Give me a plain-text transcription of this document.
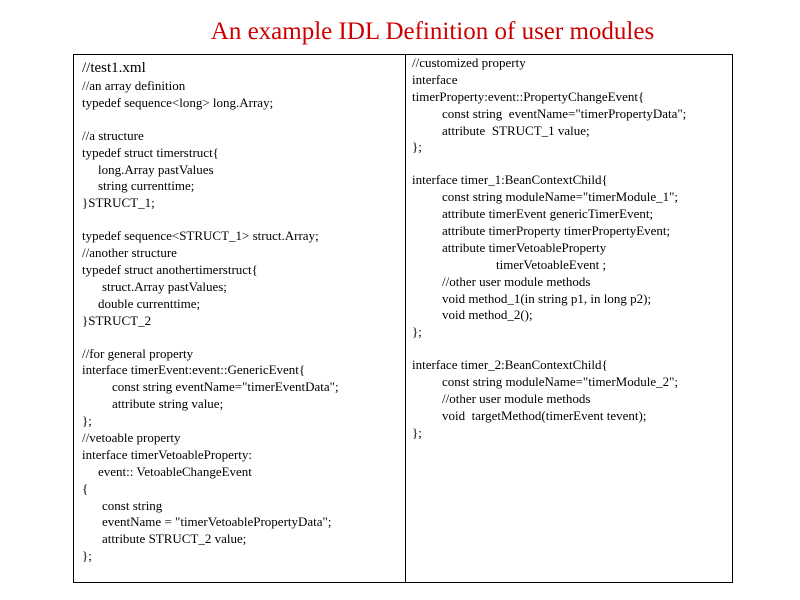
An example IDL Definition of user modules
//test1.xml
//an array definition
typedef sequence<long> long.Array;
//a structure
typedef struct timerstruct{
long.Array pastValues
string currenttime;
}STRUCT_1;
typedef sequence<STRUCT_1> struct.Array;
//another structure
typedef struct anothertimerstruct{
struct.Array pastValues;
double currenttime;
}STRUCT_2
//for general property
interface timerEvent:event::GenericEvent{
const string eventName="timerEventData";
attribute string value;
};
//vetoable property
interface timerVetoableProperty:
event:: VetoableChangeEvent
{
const string
eventName = "timerVetoablePropertyData";
attribute STRUCT_2 value;
};
//customized property
interface
timerProperty:event::PropertyChangeEvent{
const string  eventName="timerPropertyData";
attribute  STRUCT_1 value;
};
interface timer_1:BeanContextChild{
const string moduleName="timerModule_1";
attribute timerEvent genericTimerEvent;
attribute timerProperty timerPropertyEvent;
attribute timerVetoableProperty
timerVetoableEvent ;
//other user module methods
void method_1(in string p1, in long p2);
void method_2();
};
interface timer_2:BeanContextChild{
const string moduleName="timerModule_2";
//other user module methods
void  targetMethod(timerEvent tevent);
};
